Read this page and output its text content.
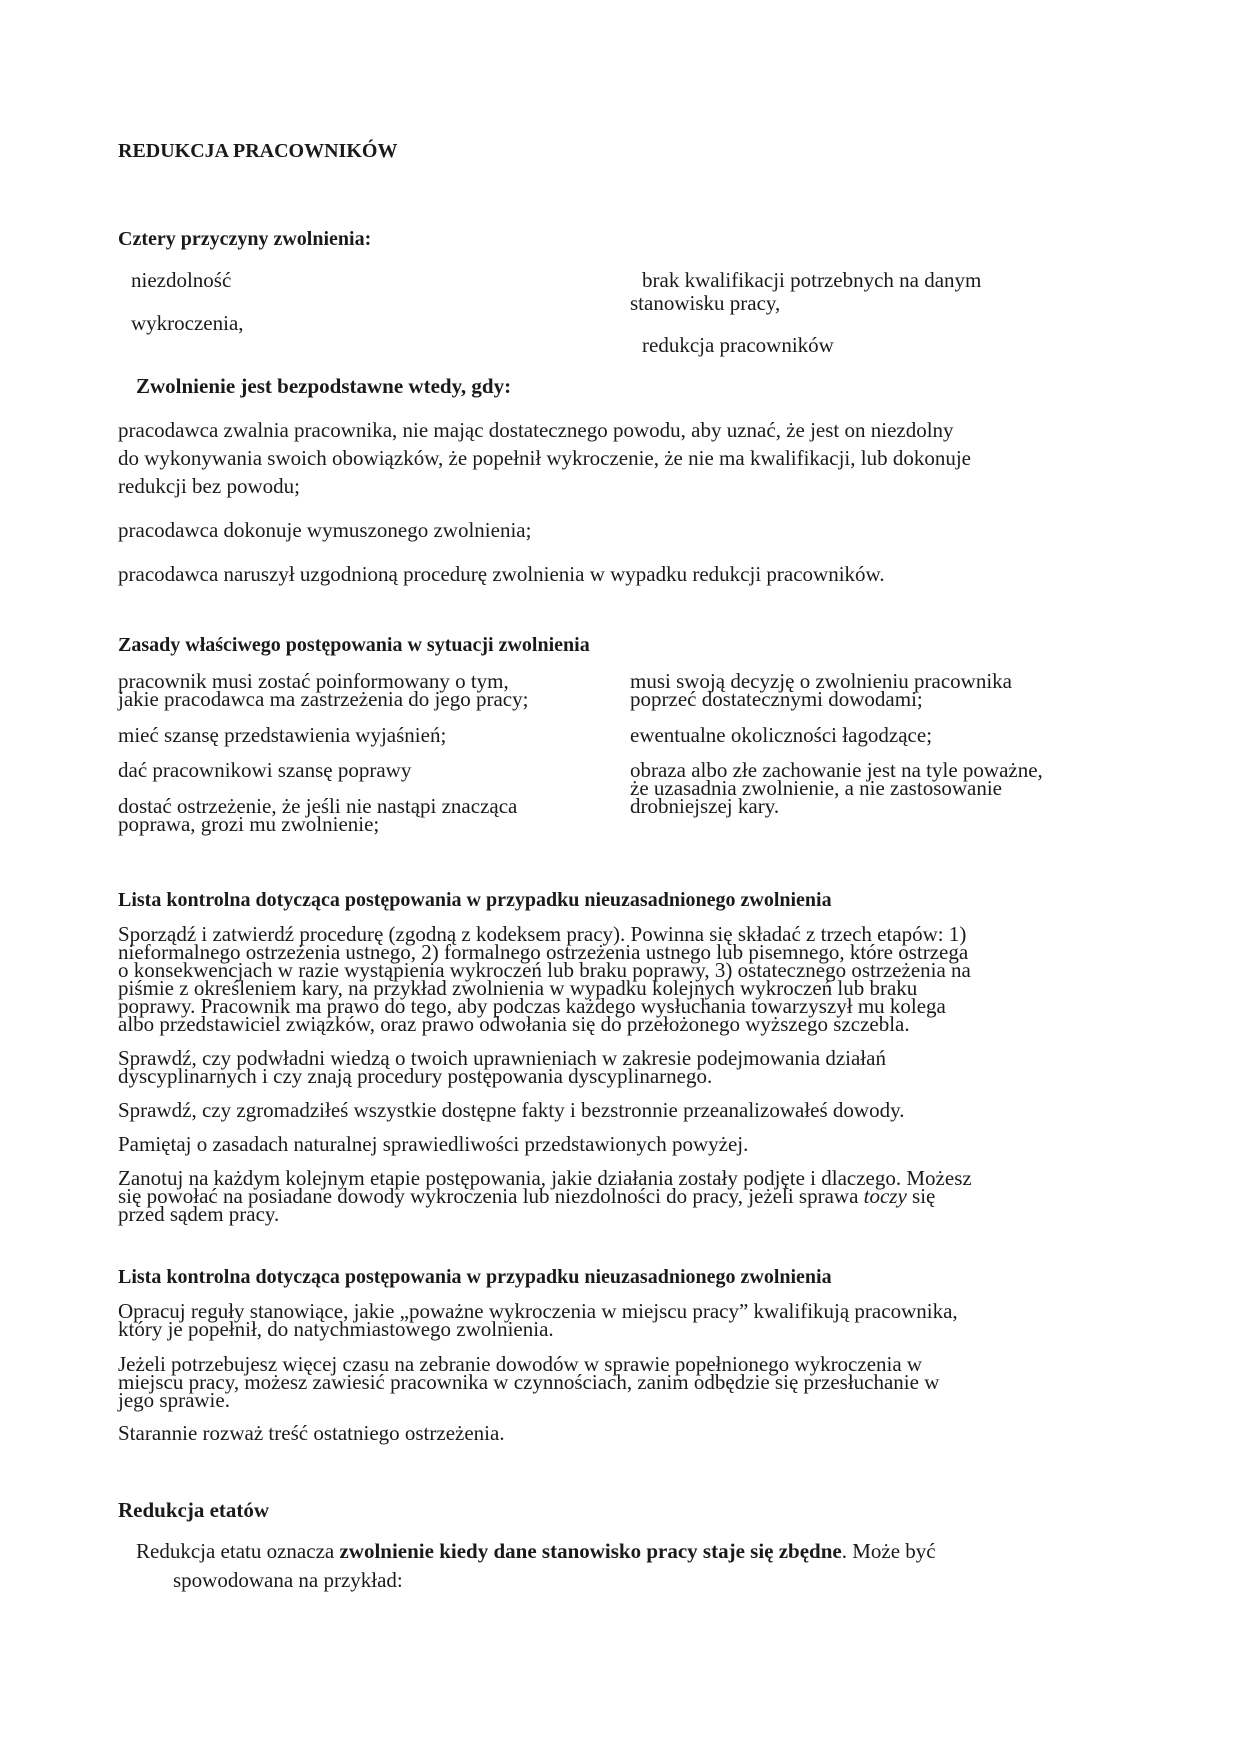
REDUKCJA PRACOWNIKÓW
Cztery przyczyny zwolnienia:
niezdolność
wykroczenia,
brak kwalifikacji potrzebnych na danym
stanowisku pracy,
redukcja pracowników
Zwolnienie jest bezpodstawne wtedy, gdy:
pracodawca zwalnia pracownika, nie mając dostatecznego powodu, aby uznać, że jest on niezdolny
do wykonywania swoich obowiązków, że popełnił wykroczenie, że nie ma kwalifikacji, lub dokonuje
redukcji bez powodu;
pracodawca dokonuje wymuszonego zwolnienia;
pracodawca naruszył uzgodnioną procedurę zwolnienia w wypadku redukcji pracowników.
Zasady właściwego postępowania w sytuacji zwolnienia
pracownik musi zostać poinformowany o tym,
jakie pracodawca ma zastrzeżenia do jego pracy;
mieć szansę przedstawienia wyjaśnień;
dać pracownikowi szansę poprawy
dostać ostrzeżenie, że jeśli nie nastąpi znacząca
poprawa, grozi mu zwolnienie;
musi swoją decyzję o zwolnieniu pracownika
poprzeć dostatecznymi dowodami;
ewentualne okoliczności łagodzące;
obraza albo złe zachowanie jest na tyle poważne,
że uzasadnia zwolnienie, a nie zastosowanie
drobniejszej kary.
Lista kontrolna dotycząca postępowania w przypadku nieuzasadnionego zwolnienia
Sporządź i zatwierdź procedurę (zgodną z kodeksem pracy). Powinna się składać z trzech etapów: 1)
nieformalnego ostrzeżenia ustnego, 2) formalnego ostrzeżenia ustnego lub pisemnego, które ostrzega
o konsekwencjach w razie wystąpienia wykroczeń lub braku poprawy, 3) ostatecznego ostrzeżenia na
piśmie z określeniem kary, na przykład zwolnienia w wypadku kolejnych wykroczeń lub braku
poprawy. Pracownik ma prawo do tego, aby podczas każdego wysłuchania towarzyszył mu kolega
albo przedstawiciel związków, oraz prawo odwołania się do przełożonego wyższego szczebla.
Sprawdź, czy podwładni wiedzą o twoich uprawnieniach w zakresie podejmowania działań
dyscyplinarnych i czy znają procedury postępowania dyscyplinarnego.
Sprawdź, czy zgromadziłeś wszystkie dostępne fakty i bezstronnie przeanalizowałeś dowody.
Pamiętaj o zasadach naturalnej sprawiedliwości przedstawionych powyżej.
Zanotuj na każdym kolejnym etapie postępowania, jakie działania zostały podjęte i dlaczego. Możesz
się powołać na posiadane dowody wykroczenia lub niezdolności do pracy, jeżeli sprawa toczy się
przed sądem pracy.
Lista kontrolna dotycząca postępowania w przypadku nieuzasadnionego zwolnienia
Opracuj reguły stanowiące, jakie „poważne wykroczenia w miejscu pracy” kwalifikują pracownika,
który je popełnił, do natychmiastowego zwolnienia.
Jeżeli potrzebujesz więcej czasu na zebranie dowodów w sprawie popełnionego wykroczenia w
miejscu pracy, możesz zawiesić pracownika w czynnościach, zanim odbędzie się przesłuchanie w
jego sprawie.
Starannie rozważ treść ostatniego ostrzeżenia.
Redukcja etatów
Redukcja etatu oznacza zwolnienie kiedy dane stanowisko pracy staje się zbędne. Może być
spowodowana na przykład:
